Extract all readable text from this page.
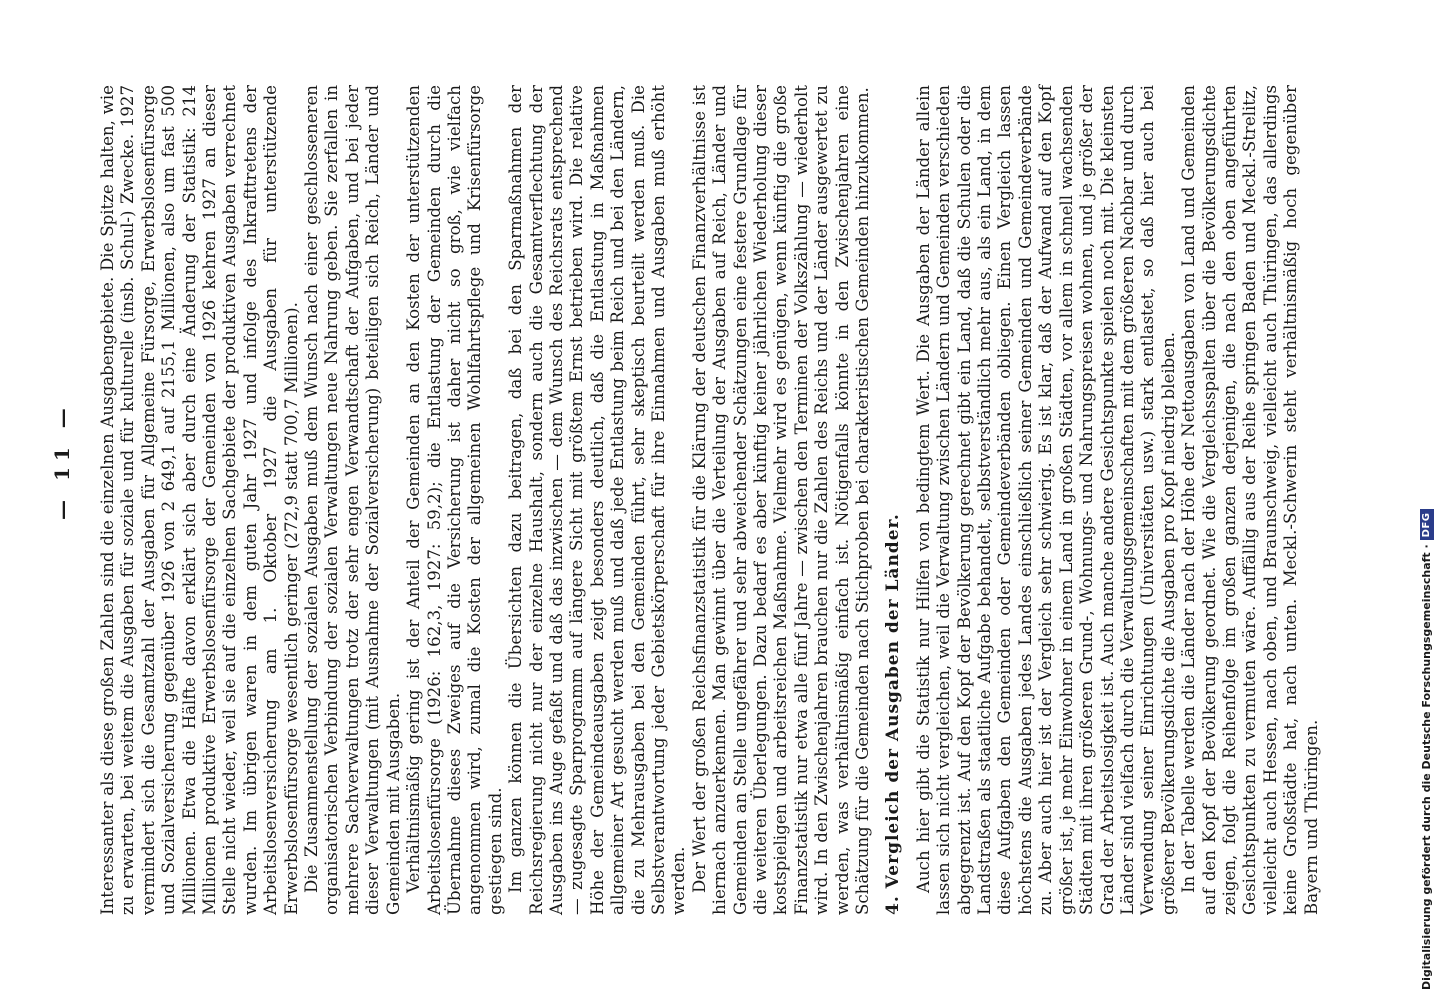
— 11 —	Interessanter als diese großen Zahlen sind die einzelnen Ausgabengebiete. Die Spitze halten, wie zu erwarten, bei weitem die Ausgaben für soziale und für kulturelle (insb. Schul-) Zwecke. 1927 vermindert sich die Gesamtzahl der Ausgaben für Allgemeine Fürsorge, Erwerbslosenfürsorge und Sozialversicherung gegenüber 1926 von 2 649,1 auf 2155,1 Millionen, also um fast 500 Millionen. Etwa die Hälfte davon erklärt sich aber durch eine Änderung der Statistik: 214 Millionen produktive Erwerbslosenfürsorge der Gemeinden von 1926 kehren 1927 an dieser Stelle nicht wieder, weil sie auf die einzelnen Sachgebiete der produktiven Ausgaben verrechnet wurden. Im übrigen waren in dem guten Jahr 1927 und infolge des Inkrafttretens der Arbeitslosenversicherung am 1. Oktober 1927 die Ausgaben für unterstützende Erwerbslosenfürsorge wesentlich geringer (272,9 statt 700,7 Millionen). Die Zusammenstellung der sozialen Ausgaben muß dem Wunsch nach einer geschlosseneren organisatorischen Verbindung der sozialen Verwaltungen neue Nahrung geben. Sie zerfallen in mehrere Sachverwaltungen trotz der sehr engen Verwandtschaft der Aufgaben, und bei jeder dieser Verwaltungen (mit Ausnahme der Sozialversicherung) beteiligen sich Reich, Länder und Gemeinden mit Ausgaben. Verhältnismäßig gering ist der Anteil der Gemeinden an den Kosten der unterstützenden Arbeitslosenfürsorge (1926: 162,3, 1927: 59,2); die Entlastung der Gemeinden durch die Übernahme dieses Zweiges auf die Versicherung ist daher nicht so groß, wie vielfach angenommen wird, zumal die Kosten der allgemeinen Wohlfahrtspflege und Krisenfürsorge gestiegen sind. Im ganzen können die Übersichten dazu beitragen, daß bei den Sparmaßnahmen der Reichsregierung nicht nur der einzelne Haushalt, sondern auch die Gesamtverflechtung der Ausgaben ins Auge gefaßt und daß das inzwischen — dem Wunsch des Reichsrats entsprechend — zugesagte Sparprogramm auf längere Sicht mit größtem Ernst betrieben wird. Die relative Höhe der Gemeindeausgaben zeigt besonders deutlich, daß die Entlastung in Maßnahmen allgemeiner Art gesucht werden muß und daß jede Entlastung beim Reich und bei den Ländern, die zu Mehrausgaben bei den Gemeinden führt, sehr skeptisch beurteilt werden muß. Die Selbstverantwortung jeder Gebietskörperschaft für ihre Einnahmen und Ausgaben muß erhöht werden. Der Wert der großen Reichsfinanzstatistik für die Klärung der deutschen Finanzverhältnisse ist hiernach anzuerkennen. Man gewinnt über die Verteilung der Ausgaben auf Reich, Länder und Gemeinden an Stelle ungefährer und sehr abweichender Schätzungen eine festere Grundlage für die weiteren Überlegungen. Dazu bedarf es aber künftig keiner jährlichen Wiederholung dieser kostspieligen und arbeitsreichen Maßnahme. Vielmehr wird es genügen, wenn künftig die große Finanzstatistik nur etwa alle fünf Jahre — zwischen den Terminen der Volkszählung — wiederholt wird. In den Zwischenjahren brauchen nur die Zahlen des Reichs und der Länder ausgewertet zu werden, was verhältnismäßig einfach ist. Nötigenfalls könnte in den Zwischenjahren eine Schätzung für die Gemeinden nach Stichproben bei charakteristischen Gemeinden hinzukommen. 4. Vergleich der Ausgaben der Länder. Auch hier gibt die Statistik nur Hilfen von bedingtem Wert. Die Ausgaben der Länder allein lassen sich nicht vergleichen, weil die Verwaltung zwischen Ländern und Gemeinden verschieden abgegrenzt ist. Auf den Kopf der Bevölkerung gerechnet gibt ein Land, daß die Schulen oder die Landstraßen als staatliche Aufgabe behandelt, selbstverständlich mehr aus, als ein Land, in dem diese Aufgaben den Gemeinden oder Gemeindeverbänden obliegen. Einen Vergleich lassen höchstens die Ausgaben jedes Landes einschließlich seiner Gemeinden und Gemeindeverbände zu. Aber auch hier ist der Vergleich sehr schwierig. Es ist klar, daß der Aufwand auf den Kopf größer ist, je mehr Einwohner in einem Land in großen Städten, vor allem in schnell wachsenden Städten mit ihren größeren Grund-, Wohnungs- und Nahrungspreisen wohnen, und je größer der Grad der Arbeitslosigkeit ist. Auch manche andere Gesichtspunkte spielen noch mit. Die kleinsten Länder sind vielfach durch die Verwaltungsgemeinschaften mit dem größeren Nachbar und durch Verwendung seiner Einrichtungen (Universitäten usw.) stark entlastet, so daß hier auch bei größerer Bevölkerungsdichte die Ausgaben pro Kopf niedrig bleiben. In der Tabelle werden die Länder nach der Höhe der Nettoausgaben von Land und Gemeinden auf den Kopf der Bevölkerung geordnet. Wie die Vergleichsspalten über die Bevölkerungsdichte zeigen, folgt die Reihenfolge im großen ganzen derjenigen, die nach den oben angeführten Gesichtspunkten zu vermuten wäre. Auffällig aus der Reihe springen Baden und Meckl.-Strelitz, vielleicht auch Hessen, nach oben, und Braunschweig, vielleicht auch Thüringen, das allerdings keine Großstädte hat, nach unten. Meckl.-Schwerin steht verhältnismäßig hoch gegenüber Bayern und Thüringen.	Digitalisierung gefördert durch die Deutsche Forschungsgemeinschaft ·
DFG
